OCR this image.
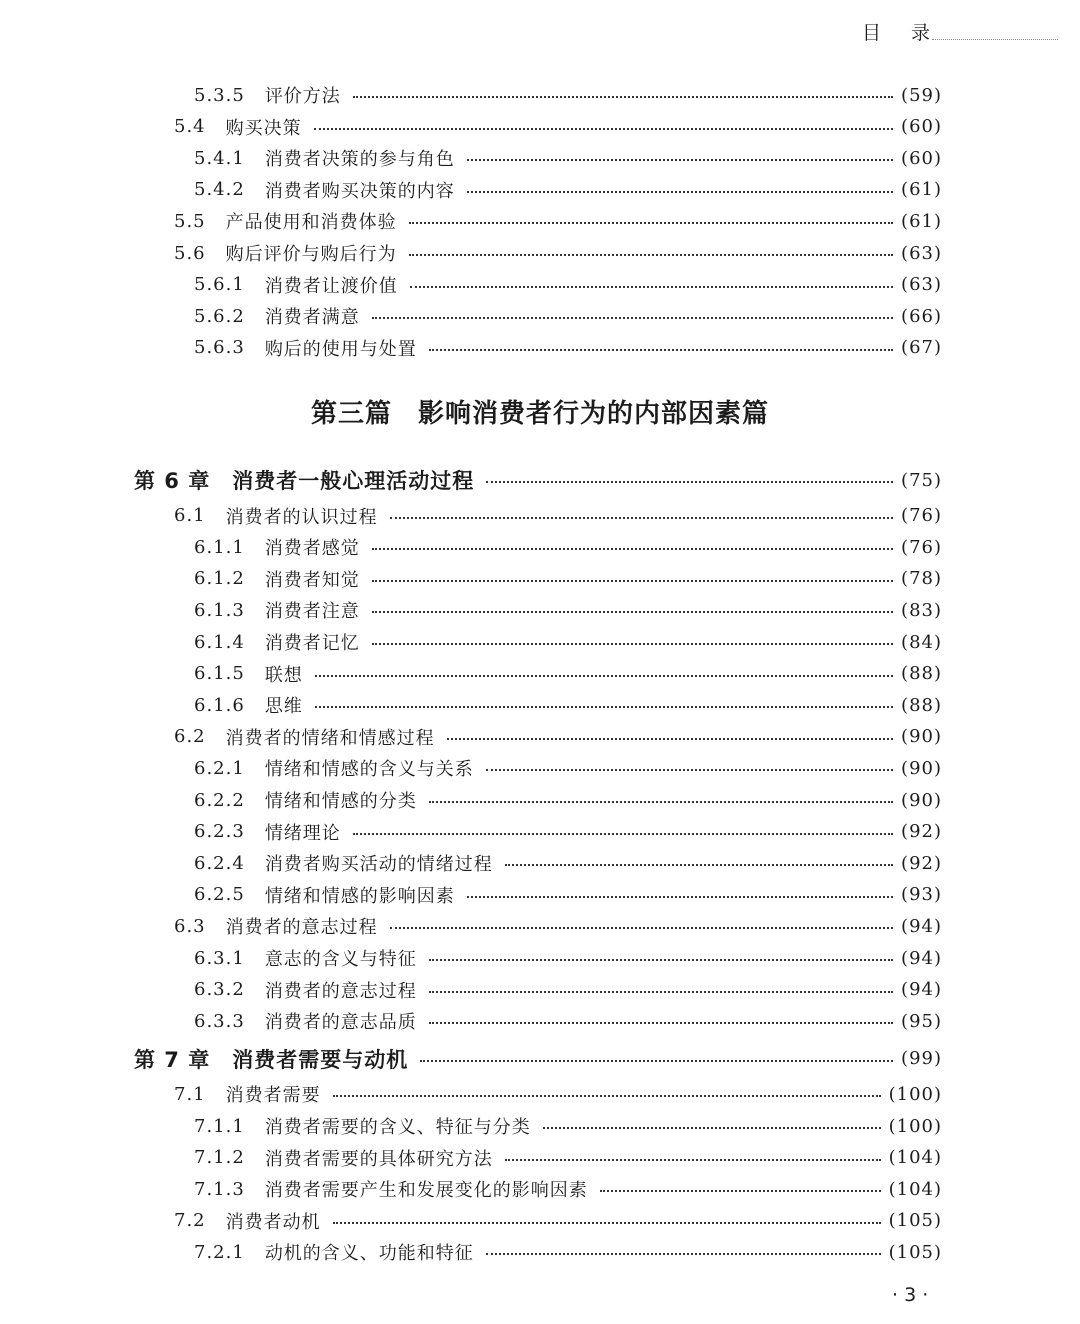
目 录
5.3.5 评价方法	(59)
5.4 购买决策	(60)
5.4.1 消费者决策的参与角色	(60)
5.4.2 消费者购买决策的内容	(61)
5.5 产品使用和消费体验	(61)
5.6 购后评价与购后行为	(63)
5.6.1 消费者让渡价值	(63)
5.6.2 消费者满意	(66)
5.6.3 购后的使用与处置	(67)
第三篇 影响消费者行为的内部因素篇
第 6 章 消费者一般心理活动过程	(75)
6.1 消费者的认识过程	(76)
6.1.1 消费者感觉	(76)
6.1.2 消费者知觉	(78)
6.1.3 消费者注意	(83)
6.1.4 消费者记忆	(84)
6.1.5 联想	(88)
6.1.6 思维	(88)
6.2 消费者的情绪和情感过程	(90)
6.2.1 情绪和情感的含义与关系	(90)
6.2.2 情绪和情感的分类	(90)
6.2.3 情绪理论	(92)
6.2.4 消费者购买活动的情绪过程	(92)
6.2.5 情绪和情感的影响因素	(93)
6.3 消费者的意志过程	(94)
6.3.1 意志的含义与特征	(94)
6.3.2 消费者的意志过程	(94)
6.3.3 消费者的意志品质	(95)
第 7 章 消费者需要与动机	(99)
7.1 消费者需要	(100)
7.1.1 消费者需要的含义、特征与分类	(100)
7.1.2 消费者需要的具体研究方法	(104)
7.1.3 消费者需要产生和发展变化的影响因素	(104)
7.2 消费者动机	(105)
7.2.1 动机的含义、功能和特征	(105)
· 3 ·
